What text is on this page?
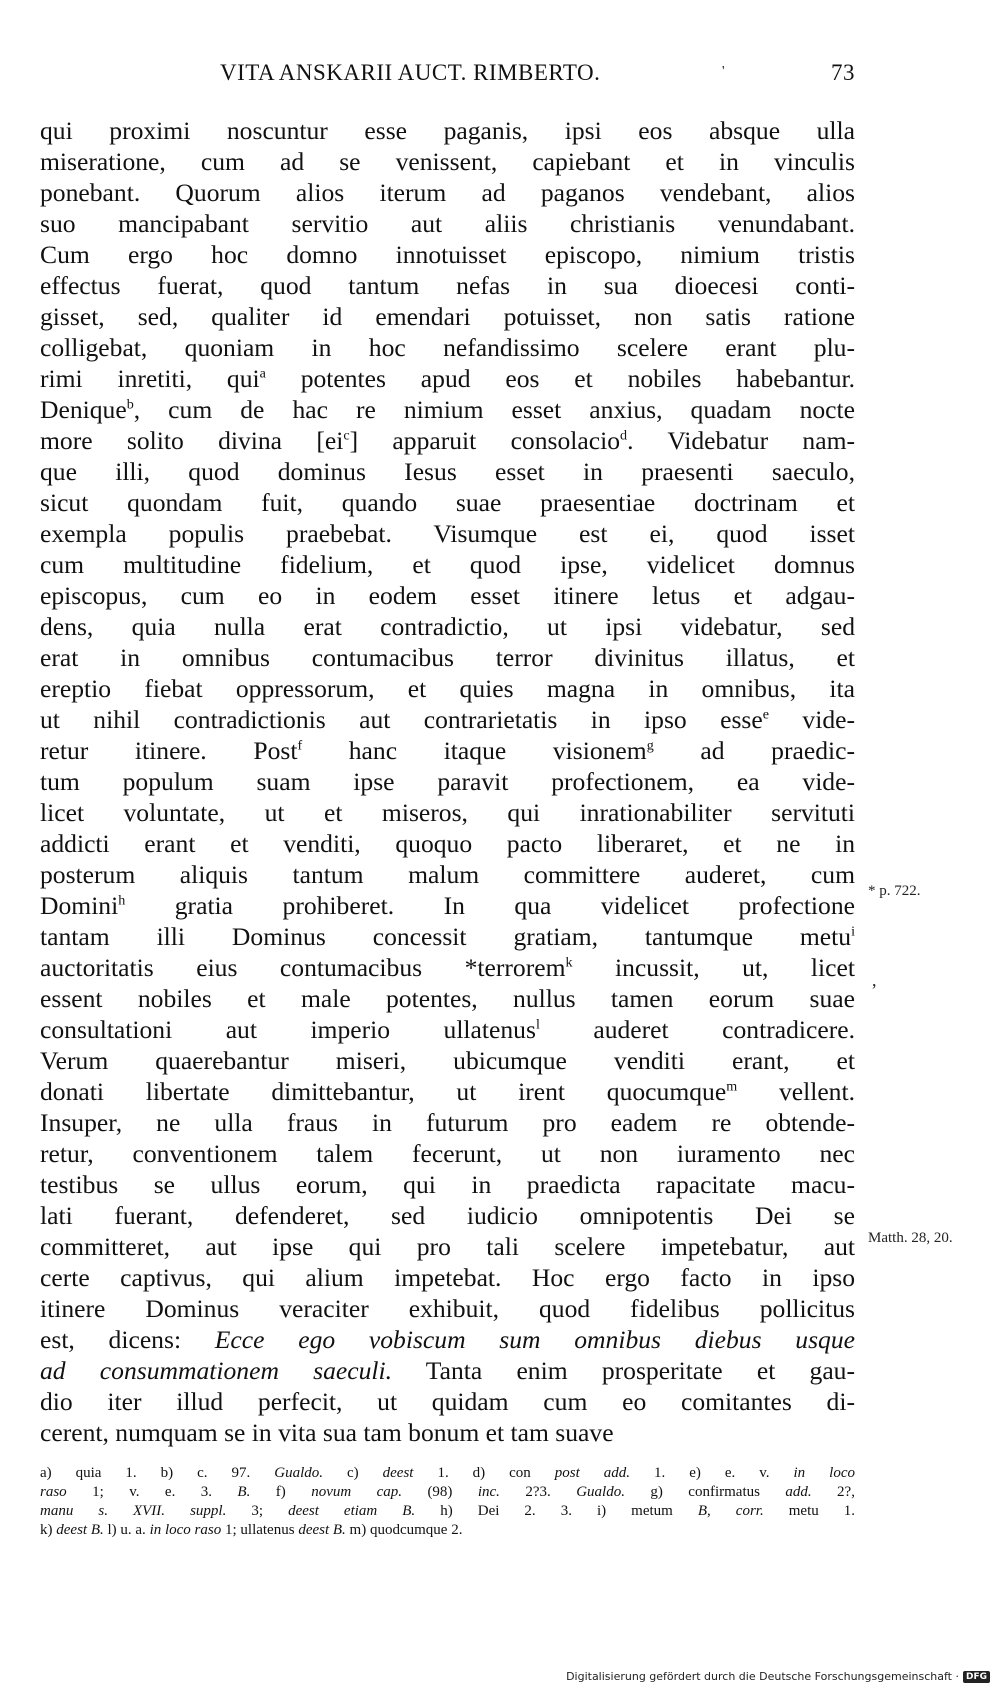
VITA ANSKARII AUCT. RIMBERTO.	'	73
qui proximi noscuntur esse paganis, ipsi eos absque ulla
miseratione, cum ad se venissent, capiebant et in vinculis
ponebant. Quorum alios iterum ad paganos vendebant, alios
suo mancipabant servitio aut aliis christianis venundabant.
Cum ergo hoc domno innotuisset episcopo, nimium tristis
effectus fuerat, quod tantum nefas in sua dioecesi conti-
gisset, sed, qualiter id emendari potuisset, non satis ratione
colligebat, quoniam in hoc nefandissimo scelere erant plu-
rimi inretiti, qui$^a$ potentes apud eos et nobiles habebantur.
Denique$^b$, cum de hac re nimium esset anxius, quadam nocte
more solito divina $[ei^c]$ apparuit consolacio$^d$. Videbatur nam-
que illi, quod dominus Iesus esset in praesenti saeculo,
sicut quondam fuit, quando suae praesentiae doctrinam et
exempla populis praebebat. Visumque est ei, quod isset
cum multitudine fidelium, et quod ipse, videlicet domnus
episcopus, cum eo in eodem esset itinere letus et adgau-
dens, quia nulla erat contradictio, ut ipsi videbatur, sed
erat in omnibus contumacibus terror divinitus illatus, et
ereptio fiebat oppressorum, et quies magna in omnibus, ita
ut nihil contradictionis aut contrarietatis in ipso esse$^e$ vide-
retur itinere. Post$^f$ hanc itaque visionem$^g$ ad praedic-
tum populum suam ipse paravit profectionem, ea vide-
licet voluntate, ut et miseros, qui inrationabiliter servituti
addicti erant et venditi, quoquo pacto liberaret, et ne in
posterum aliquis tantum malum committere auderet, cum
Domini$^h$ gratia prohiberet. In qua videlicet profectione
tantam illi Dominus concessit gratiam, tantumque metu$^i$
auctoritatis eius contumacibus *terrorem$^k$ incussit, ut, licet
essent nobiles et male potentes, nullus tamen eorum suae
consultationi aut imperio ullatenus$^l$ auderet contradicere.
Verum quaerebantur miseri, ubicumque venditi erant, et
donati libertate dimittebantur, ut irent quocumque$^m$ vellent.
Insuper, ne ulla fraus in futurum pro eadem re obtende-
retur, conventionem talem fecerunt, ut non iuramento nec
testibus se ullus eorum, qui in praedicta rapacitate macu-
lati fuerant, defenderet, sed iudicio omnipotentis Dei se
committeret, aut ipse qui pro tali scelere impetebatur, aut
certe captivus, qui alium impetebat. Hoc ergo facto in ipso
itinere Dominus veraciter exhibuit, quod fidelibus pollicitus
est, dicens: Ecce ego vobiscum sum omnibus diebus usque
ad consummationem saeculi. Tanta enim prosperitate et gau-
dio iter illud perfecit, ut quidam cum eo comitantes di-
cerent, numquam se in vita sua tam bonum et tam suave
* p. 722.
Matth. 28, 20.
,
a) quia 1. b) c. 97. Gualdo. c) deest 1. d) con post add. 1. e) e. v. in loco
raso 1; v. e. 3. B. f) novum cap. (98) inc. 2?3. Gualdo. g) confirmatus add. 2?,
manu s. XVII. suppl. 3; deest etiam B. h) Dei 2. 3. i) metum B, corr. metu 1.
k) deest B. l) u. a. in loco raso 1; ullatenus deest B. m) quodcumque 2.
Digitalisierung gefördert durch die Deutsche Forschungsgemeinschaft · DFG
